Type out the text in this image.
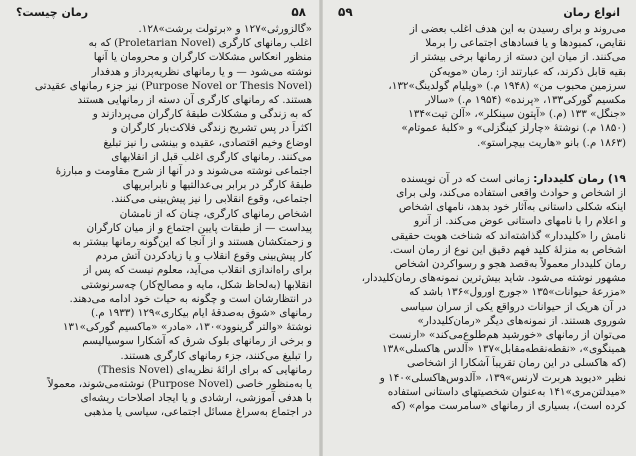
انواع رمان
۵۹
می‌روند و برای رسیدن به این هدف اغلب بعضی از
نقایص، کمبودها و یا فسادهای اجتماعی را برملا
می‌کنند. از میان این دسته از رمانها برخی بیشتر از
بقیه قابل ذکرند، که عبارتند از: رمان «مویه‌کن
سرزمین محبوب من» (۱۹۴۸ م.) «ویلیام گولدینگ»۱۳۲،
مکسیم گورکی۱۳۳، «پرنده» (۱۹۵۴ م.) «سالار
«جنگل» ۱۳۳ (م.) «آپتون سینکلر»، «آلن تیت»۱۳۴
(۱۸۵۰ م.) نوشتۀ «چارلز کینگزلی» و «کلبۀ عموتام»
(۱۸۶۳ م.) بانو «هاریت بیچراستو».
۱۹) رمان کلیددار: زمانی است که در آن نویسنده
از اشخاص و حوادث واقعی استفاده می‌کند، ولی برای
اینکه شکلی داستانی به‌آثار خود بدهد، نامهای اشخاص
و اعلام را با نامهای داستانی عوض می‌کند. از آنرو
نامش را «کلیددار» گذاشته‌اند که شناخت هویت حقیقی
اشخاص به منزلهٔ کلید فهم دقیق این نوع از رمان است.
رمان کلیددار معمولاً به‌قصد هجو و رسواکردن اشخاص
مشهور نوشته می‌شود. شاید بیش‌ترین نمونه‌های رمان‌کلیددار،
«مزرعۀ حیوانات»۱۳۵ «جورج اورول»۱۳۶ باشد که
در آن هریک از حیوانات درواقع یکی از سران سیاسی
شوروی هستند. از نمونه‌های دیگر «رمان‌کلیددار»
می‌توان از رمانهای «خورشید هم‌طلوع‌می‌کند» «ارنست
همینگوی»، «نقطه‌نقطه‌مقابل»۱۳۷ «آلدس هاکسلی»۱۳۸
(که هاکسلی در این رمان تقریباً آشکارا از اشخاصی
نظیر «دیوید هربرت لارنس»۱۳۹، «آلدوس‌هاکسلی»۱۴۰ و
«میدلتن‌مری»۱۴۱ به‌عنوان شخصیتهای داستانی استفاده
کرده است)، بسیاری از رمانهای «سامرست موام» (که
۵۸
رمان چیست؟
«گالزورثی»۱۲۷ و «برتولت برشت»۱۲۸.
اغلب رمانهای کارگری (Proletarian Novel) که به
منظور انعکاس مشکلات کارگران و محرومان یا آنها
نوشته می‌شود — و یا رمانهای نظریه‌پرداز و هدفدار
(Purpose Novel or Thesis Novel) نیز جزء رمانهای عقیدتی
هستند. که رمانهای کارگری آن دسته از رمانهایی هستند
که به زندگی و مشکلات طبقۀ کارگران می‌پردازند و
اکثراً در پس تشریح زندگی فلاکت‌بار کارگران و
اوضاع وخیم اقتصادی، عقیده و بینشی را نیز تبلیغ
می‌کنند. رمانهای کارگری اغلب قبل از انقلابهای
اجتماعی نوشته می‌شوند و در آنها از شرح مقاومت و مبارزۀ
طبقۀ کارگر در برابر بی‌عدالتیها و نابرابریهای
اجتماعی، وقوع انقلابی را نیز پیش‌بینی می‌کنند.
اشخاص رمانهای کارگری، چنان که از نامشان
پیداست — از طبقات پایین اجتماع و از میان کارگران
و زحمتکشان هستند و از آنجا که این‌گونه رمانها بیشتر به
کار پیش‌بینی وقوع انقلاب و یا زیادکردن آتش مردم
برای راه‌اندازی انقلاب می‌آید، معلوم نیست که پس از
انقلابها (به‌لحاظ شکل، مایه و مصالح‌کار) چه‌سرنوشتی
در انتظارشان است و چگونه به حیات خود ادامه می‌دهند.
رمانهای «شوق به‌صدقۀ ایام بیکاری»۱۲۹ (۱۹۳۳ م.)
نوشتۀ «والتر گرینوود»۱۳۰، «مادر» «ماکسیم گورکی»۱۳۱
و برخی از رمانهای بلوک شرق که آشکارا سوسیالیسم
را تبلیغ می‌کنند، جزء رمانهای کارگری هستند.
رمانهایی که برای ارائۀ نظریه‌ای (Thesis Novel)
یا به‌منظور خاصی (Purpose Novel) نوشته‌می‌شوند، معمولاً
با هدفی آموزشی، ارشادی و یا ایجاد اصلاحات ریشه‌ای
در اجتماع به‌سراغ مسائل اجتماعی، سیاسی یا مذهبی
